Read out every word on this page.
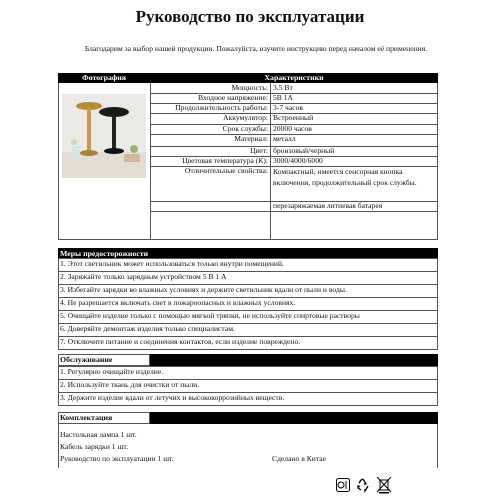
Руководство по эксплуатации
Благодарим за выбор нашей продукции. Пожалуйста, изучите инструкцию перед началом её применения.
Фотография	Характеристики
Мощность: 3.5 Вт
Входное напряжение: 5В 1А
Продолжительность работы: 3-7 часов
Аккумулятор: Встроенный
Срок службы: 20000 часов
Материал: металл
Цвет: бронзовый/черный
Цветовая температура (К): 3000/4000/6000
Отличительные свойства: Компактный, имеется сенсорная кнопка включения, продолжительный срок службы.
перезаряжаемая литиевая батарея
Меры предосторожности
1. Этот светильник может использоваться только внутри помещений.
2. Заряжайте только зарядным устройством 5 В 1 А
3. Избегайте зарядки во влажных условиях и держите светильник вдали от пыли и воды.
4. Не разрешается включать свет в пожароопасных и влажных условиях.
5. Очищайте изделие только с помощью мягкой тряпки, не используйте спиртовые растворы
6. Доверяйте демонтаж изделия только специалистам.
7. Отключите питание и соединения контактов, если изделие повреждено.
Обслуживание
1. Регулярно очищайте изделие.
2. Используйте ткань для очистки от пыли.
3. Держите изделие вдали от летучих и высококоррозийных веществ.
Комплектация
Настольная лампа 1 шт.
Кабель зарядки 1 шт.
Руководство по эксплуатации 1 шт.	Сделано в Китае
